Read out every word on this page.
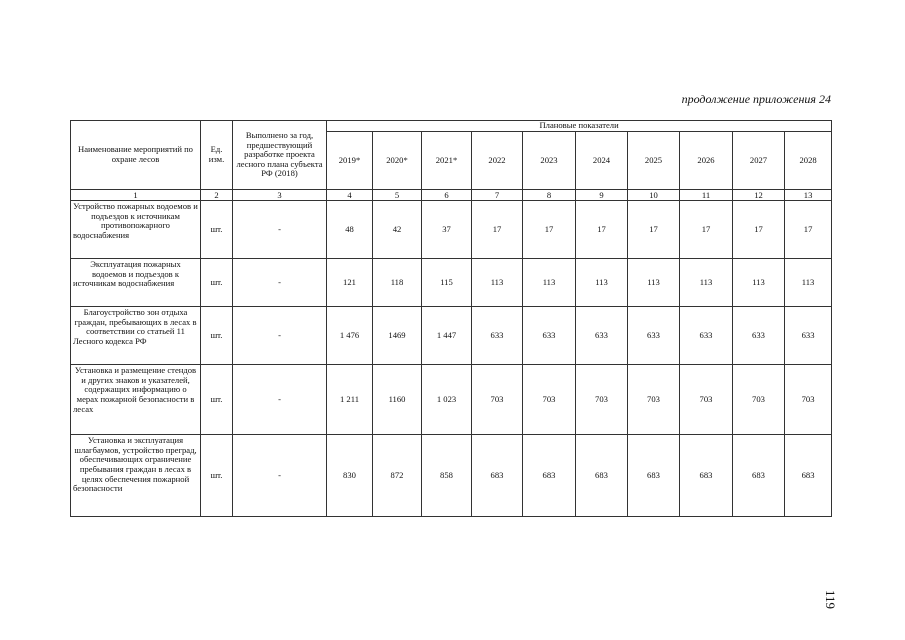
продолжение приложения 24
Наименование мероприятий по охране лесов	Ед. изм.	Выполнено за год, предшествующий разработке проекта лесного плана субъекта РФ (2018)	Плановые показатели									
			2019*	2020*	2021*	2022	2023	2024	2025	2026	2027	2028
1	2	3	4	5	6	7	8	9	10	11	12	13
Устройство пожарных водоемов и подъездов к источникам противопожарного водоснабжения	шт.	-	48	42	37	17	17	17	17	17	17	17
Эксплуатация пожарных водоемов и подъездов к источникам водоснабжения	шт.	-	121	118	115	113	113	113	113	113	113	113
Благоустройство зон отдыха граждан, пребывающих в лесах в соответствии со статьей 11 Лесного кодекса РФ	шт.	-	1 476	1469	1 447	633	633	633	633	633	633	633
Установка и размещение стендов и других знаков и указателей, содержащих информацию о мерах пожарной безопасности в лесах	шт.	-	1 211	1160	1 023	703	703	703	703	703	703	703
Установка и эксплуатация шлагбаумов, устройство преград, обеспечивающих ограничение пребывания граждан в лесах в целях обеспечения пожарной безопасности	шт.	-	830	872	858	683	683	683	683	683	683	683
119
